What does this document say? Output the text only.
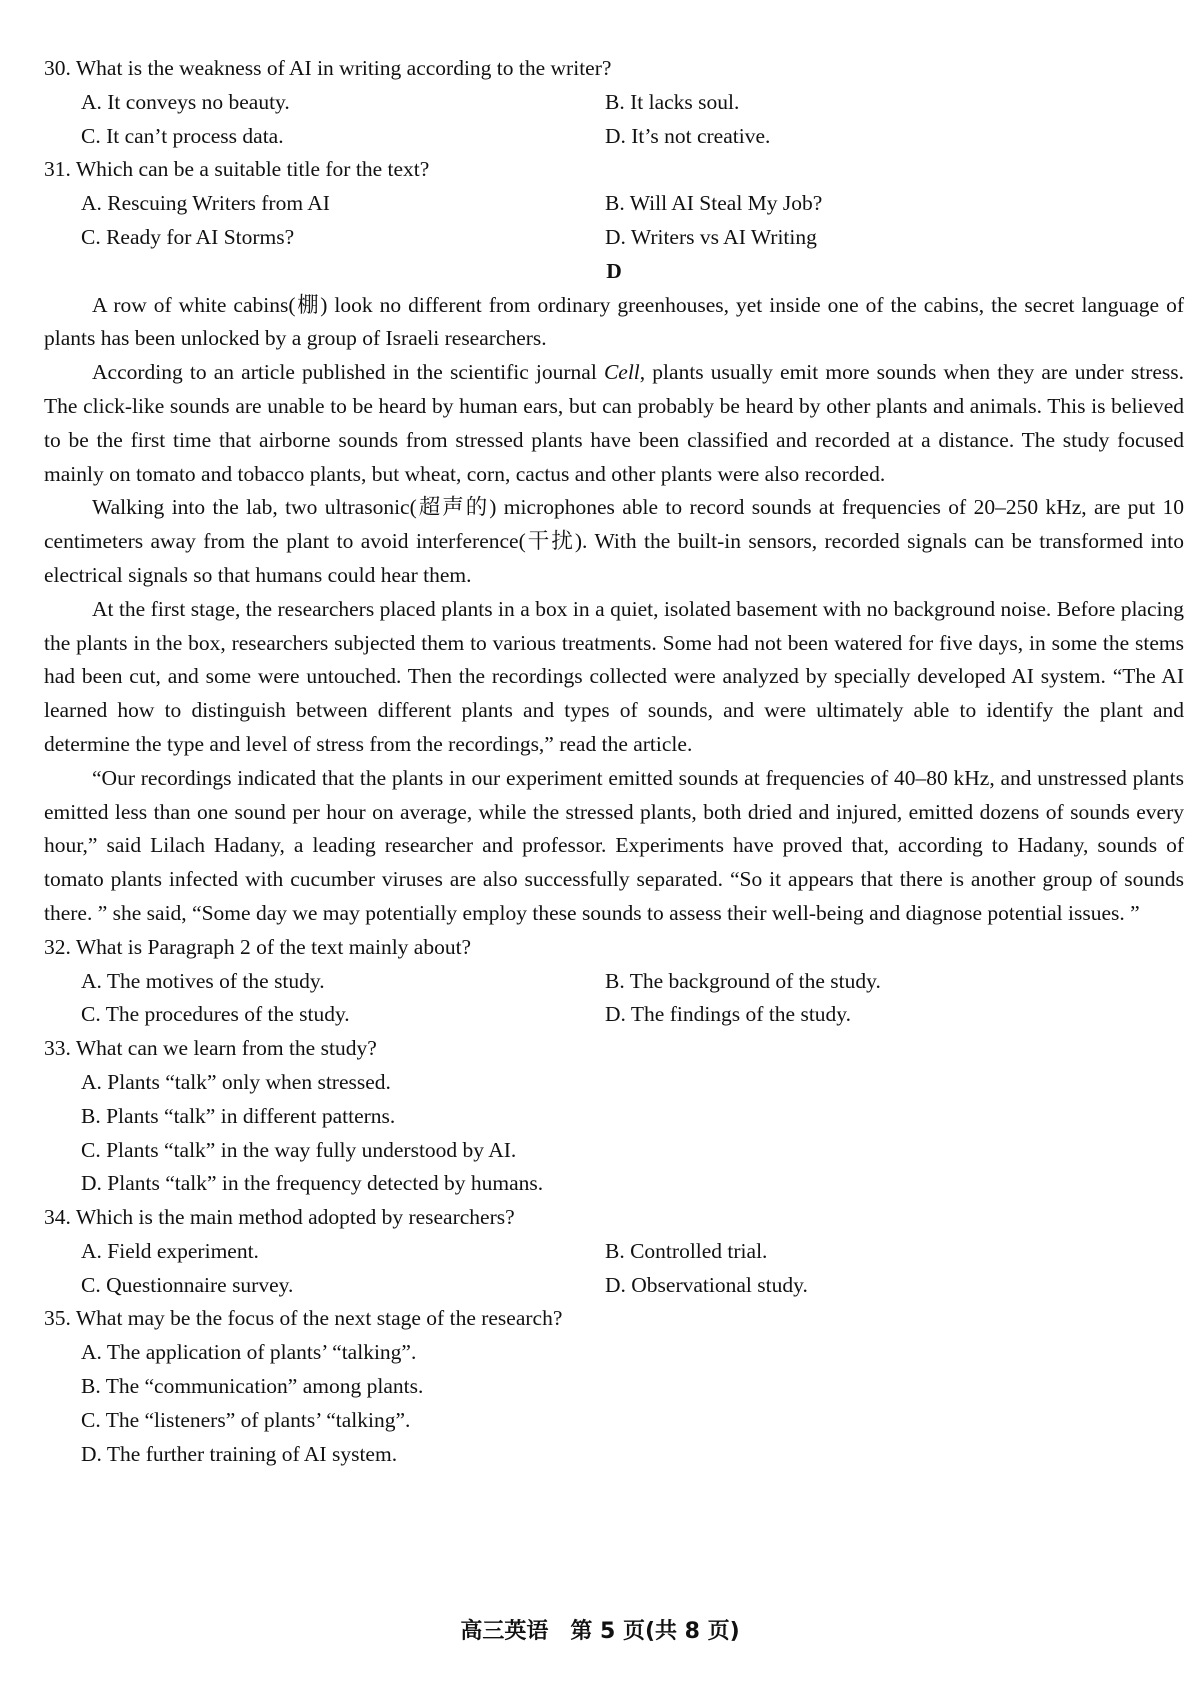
30. What is the weakness of AI in writing according to the writer?

A. It conveys no beauty.	B. It lacks soul.
C. It can’t process data.	D. It’s not creative.

31. Which can be a suitable title for the text?

A. Rescuing Writers from AI	B. Will AI Steal My Job?
C. Ready for AI Storms?	D. Writers vs AI Writing

D

A row of white cabins(棚) look no different from ordinary greenhouses, yet inside one of the cabins, the secret language of plants has been unlocked by a group of Israeli researchers.

According to an article published in the scientific journal Cell, plants usually emit more sounds when they are under stress. The click-like sounds are unable to be heard by human ears, but can probably be heard by other plants and animals. This is believed to be the first time that airborne sounds from stressed plants have been classified and recorded at a distance. The study focused mainly on tomato and tobacco plants, but wheat, corn, cactus and other plants were also recorded.

Walking into the lab, two ultrasonic(超声的) microphones able to record sounds at frequencies of 20–250 kHz, are put 10 centimeters away from the plant to avoid interference(干扰). With the built-in sensors, recorded signals can be transformed into electrical signals so that humans could hear them.

At the first stage, the researchers placed plants in a box in a quiet, isolated basement with no background noise. Before placing the plants in the box, researchers subjected them to various treatments. Some had not been watered for five days, in some the stems had been cut, and some were untouched. Then the recordings collected were analyzed by specially developed AI system. “The AI learned how to distinguish between different plants and types of sounds, and were ultimately able to identify the plant and determine the type and level of stress from the recordings,” read the article.

“Our recordings indicated that the plants in our experiment emitted sounds at frequencies of 40–80 kHz, and unstressed plants emitted less than one sound per hour on average, while the stressed plants, both dried and injured, emitted dozens of sounds every hour,” said Lilach Hadany, a leading researcher and professor. Experiments have proved that, according to Hadany, sounds of tomato plants infected with cucumber viruses are also successfully separated. “So it appears that there is another group of sounds there. ” she said, “Some day we may potentially employ these sounds to assess their well-being and diagnose potential issues. ”

32. What is Paragraph 2 of the text mainly about?

A. The motives of the study.	B. The background of the study.
C. The procedures of the study.	D. The findings of the study.

33. What can we learn from the study?

A. Plants “talk” only when stressed.
B. Plants “talk” in different patterns.
C. Plants “talk” in the way fully understood by AI.
D. Plants “talk” in the frequency detected by humans.

34. Which is the main method adopted by researchers?

A. Field experiment.	B. Controlled trial.
C. Questionnaire survey.	D. Observational study.

35. What may be the focus of the next stage of the research?

A. The application of plants’ “talking”.
B. The “communication” among plants.
C. The “listeners” of plants’ “talking”.
D. The further training of AI system.
高三英语　第 5 页(共 8 页)
